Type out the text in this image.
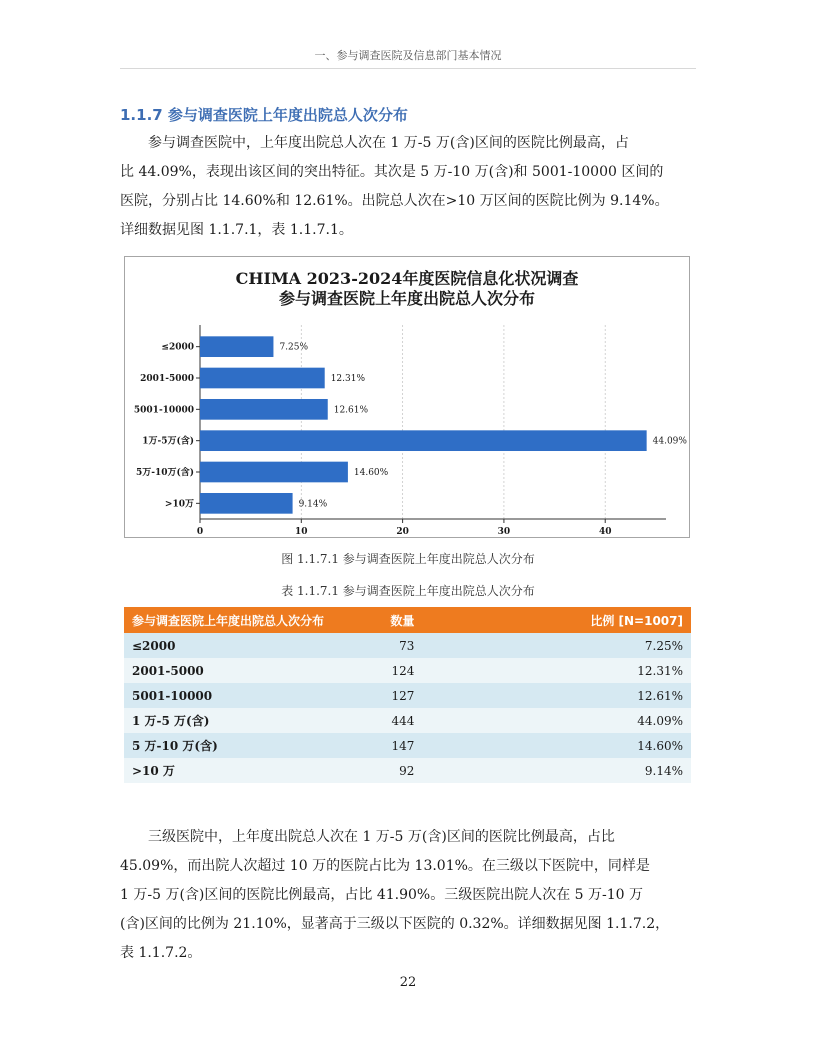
一、参与调查医院及信息部门基本情况
1.1.7 参与调查医院上年度出院总人次分布

参与调查医院中，上年度出院总人次在 1 万-5 万(含)区间的医院比例最高，占
比 44.09%，表现出该区间的突出特征。其次是 5 万-10 万(含)和 5001-10000 区间的
医院，分别占比 14.60%和 12.61%。出院总人次在>10 万区间的医院比例为 9.14%。
详细数据见图 1.1.7.1，表 1.1.7.1。

CHIMA 2023-2024年度医院信息化状况调查
参与调查医院上年度出院总人次分布
0	10	20	30	40
≤2000	7.25%
2001-5000	12.31%
5001-10000	12.61%
1万-5万(含)	44.09%
5万-10万(含)	14.60%
>10万	9.14%
图 1.1.7.1 参与调查医院上年度出院总人次分布
表 1.1.7.1 参与调查医院上年度出院总人次分布
参与调查医院上年度出院总人次分布	数量	比例 [N=1007]
≤2000	73	7.25%
2001-5000	124	12.31%
5001-10000	127	12.61%
1 万-5 万(含)	444	44.09%
5 万-10 万(含)	147	14.60%
>10 万	92	9.14%

三级医院中，上年度出院总人次在 1 万-5 万(含)区间的医院比例最高，占比
45.09%，而出院人次超过 10 万的医院占比为 13.01%。在三级以下医院中，同样是
1 万-5 万(含)区间的医院比例最高，占比 41.90%。三级医院出院人次在 5 万-10 万
(含)区间的比例为 21.10%，显著高于三级以下医院的 0.32%。详细数据见图 1.1.7.2，
表 1.1.7.2。

22
